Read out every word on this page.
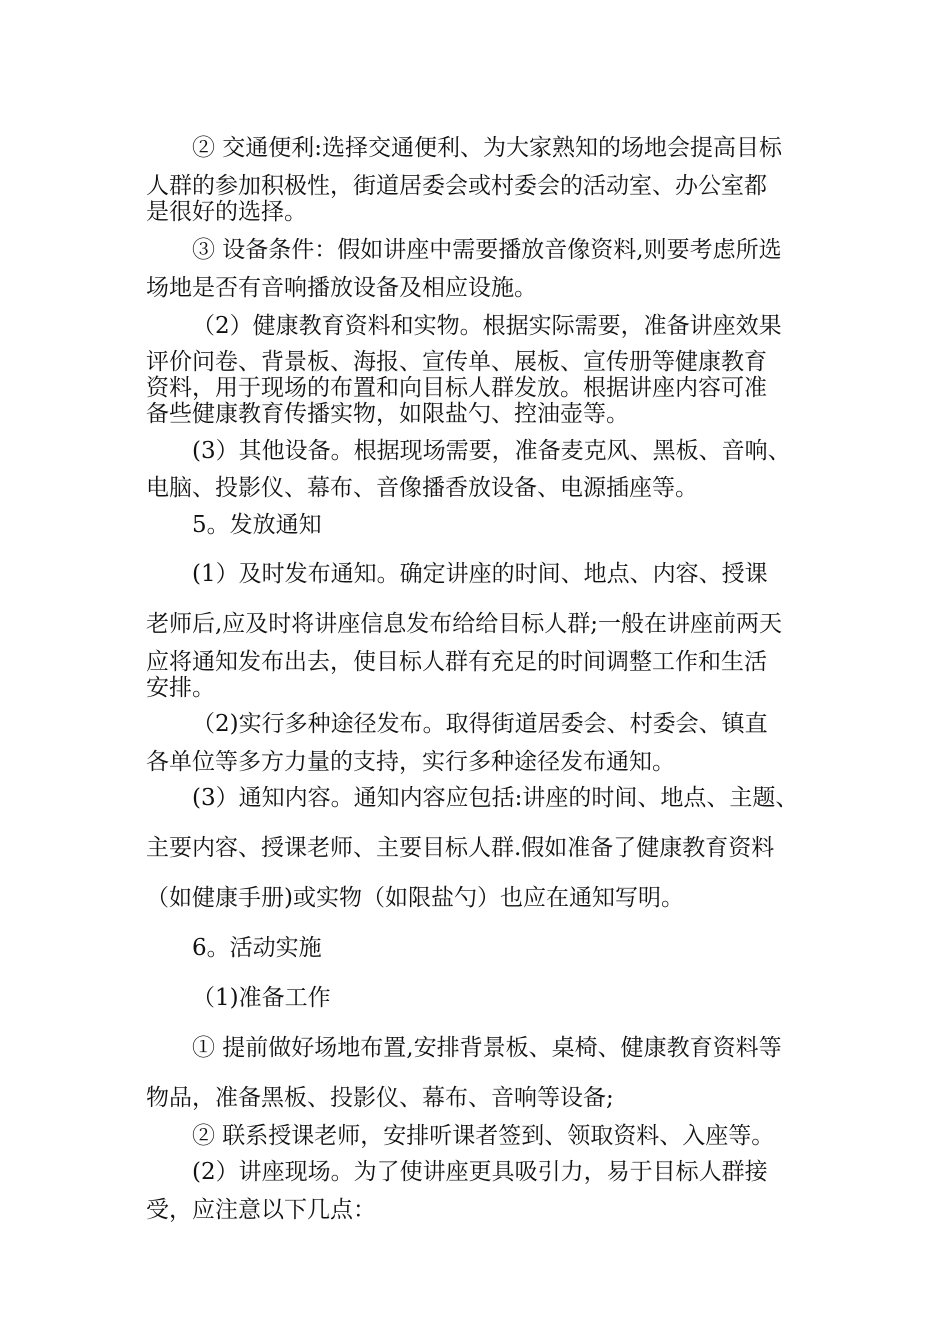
② 交通便利:选择交通便利、为大家熟知的场地会提高目标

人群的参加积极性，街道居委会或村委会的活动室、办公室都

是很好的选择。

③ 设备条件：假如讲座中需要播放音像资料,则要考虑所选

场地是否有音响播放设备及相应设施。

（2）健康教育资料和实物。根据实际需要，准备讲座效果

评价问卷、背景板、海报、宣传单、展板、宣传册等健康教育

资料，用于现场的布置和向目标人群发放。根据讲座内容可准

备些健康教育传播实物，如限盐勺、控油壶等。

(3）其他设备。根据现场需要，准备麦克风、黑板、音响、

电脑、投影仪、幕布、音像播香放设备、电源插座等。

5。发放通知

(1）及时发布通知。确定讲座的时间、地点、内容、授课

老师后,应及时将讲座信息发布给给目标人群;一般在讲座前两天

应将通知发布出去，使目标人群有充足的时间调整工作和生活

安排。

（2)实行多种途径发布。取得街道居委会、村委会、镇直

各单位等多方力量的支持，实行多种途径发布通知。

(3）通知内容。通知内容应包括:讲座的时间、地点、主题、

主要内容、授课老师、主要目标人群.假如准备了健康教育资料

（如健康手册)或实物（如限盐勺）也应在通知写明。

6。活动实施

（1)准备工作

① 提前做好场地布置,安排背景板、桌椅、健康教育资料等

物品，准备黑板、投影仪、幕布、音响等设备;

② 联系授课老师，安排听课者签到、领取资料、入座等。

(2）讲座现场。为了使讲座更具吸引力，易于目标人群接

受，应注意以下几点：
